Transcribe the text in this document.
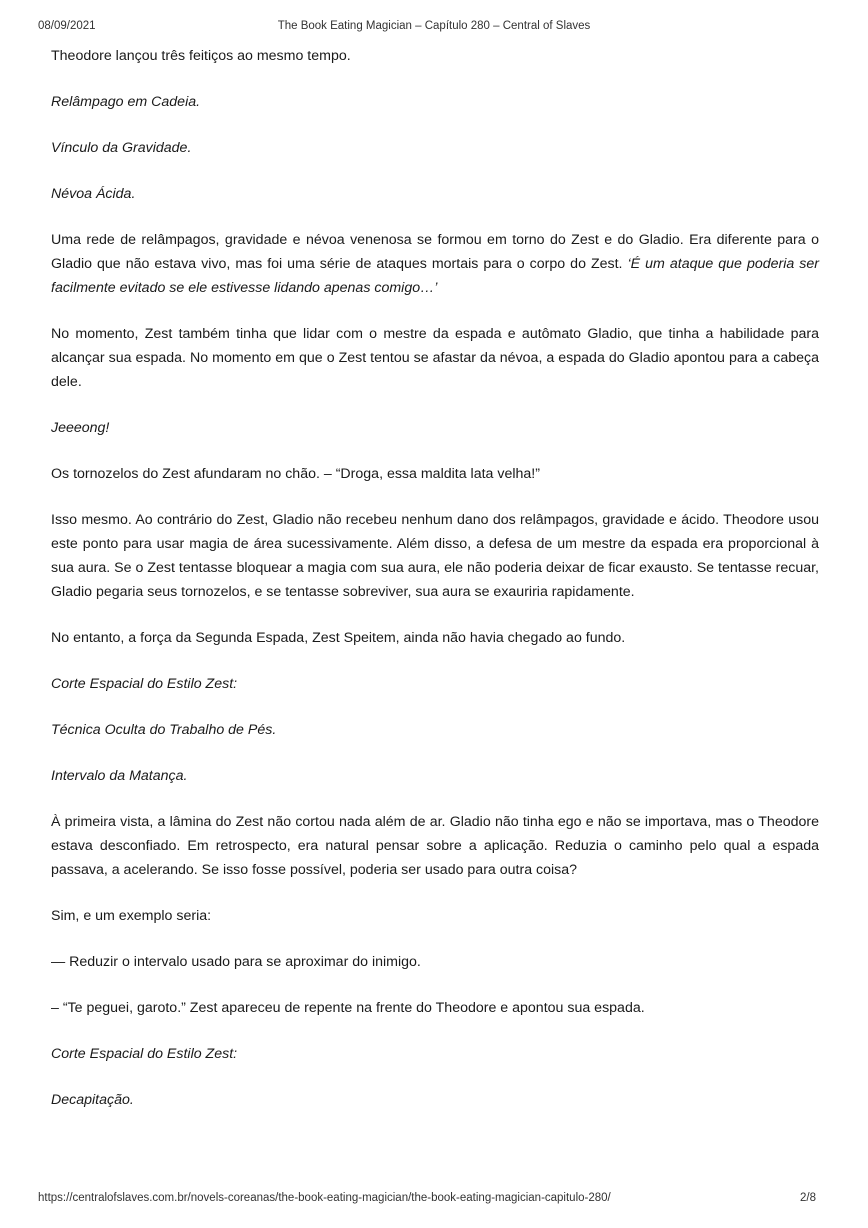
08/09/2021	The Book Eating Magician – Capítulo 280 – Central of Slaves

Theodore lançou três feitiços ao mesmo tempo.

Relâmpago em Cadeia.

Vínculo da Gravidade.

Névoa Ácida.

Uma rede de relâmpagos, gravidade e névoa venenosa se formou em torno do Zest e do Gladio. Era diferente para o Gladio que não estava vivo, mas foi uma série de ataques mortais para o corpo do Zest. ‘É um ataque que poderia ser facilmente evitado se ele estivesse lidando apenas comigo…’

No momento, Zest também tinha que lidar com o mestre da espada e autômato Gladio, que tinha a habilidade para alcançar sua espada. No momento em que o Zest tentou se afastar da névoa, a espada do Gladio apontou para a cabeça dele.

Jeeeong!

Os tornozelos do Zest afundaram no chão. – “Droga, essa maldita lata velha!”

Isso mesmo. Ao contrário do Zest, Gladio não recebeu nenhum dano dos relâmpagos, gravidade e ácido. Theodore usou este ponto para usar magia de área sucessivamente. Além disso, a defesa de um mestre da espada era proporcional à sua aura. Se o Zest tentasse bloquear a magia com sua aura, ele não poderia deixar de ficar exausto. Se tentasse recuar, Gladio pegaria seus tornozelos, e se tentasse sobreviver, sua aura se exauriria rapidamente.

No entanto, a força da Segunda Espada, Zest Speitem, ainda não havia chegado ao fundo.

Corte Espacial do Estilo Zest:

Técnica Oculta do Trabalho de Pés.

Intervalo da Matança.

À primeira vista, a lâmina do Zest não cortou nada além de ar. Gladio não tinha ego e não se importava, mas o Theodore estava desconfiado. Em retrospecto, era natural pensar sobre a aplicação. Reduzia o caminho pelo qual a espada passava, a acelerando. Se isso fosse possível, poderia ser usado para outra coisa?

Sim, e um exemplo seria:

— Reduzir o intervalo usado para se aproximar do inimigo.

– “Te peguei, garoto.” Zest apareceu de repente na frente do Theodore e apontou sua espada.

Corte Espacial do Estilo Zest:

Decapitação.

https://centralofslaves.com.br/novels-coreanas/the-book-eating-magician/the-book-eating-magician-capitulo-280/	2/8
